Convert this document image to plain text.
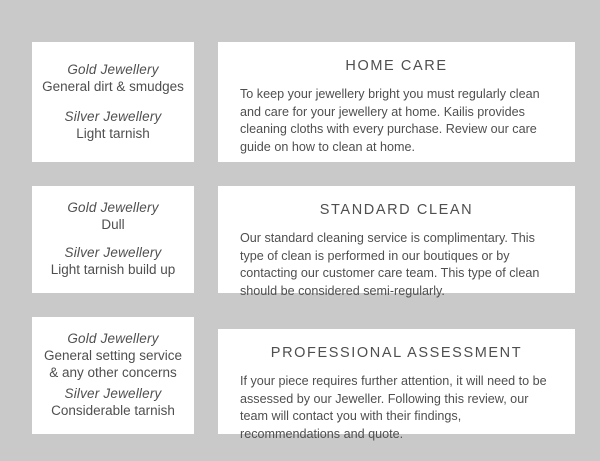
Gold Jewellery
General dirt & smudges
Silver Jewellery
Light tarnish
HOME CARE
To keep your jewellery bright you must regularly clean and care for your jewellery at home. Kailis provides cleaning cloths with every purchase. Review our care guide on how to clean at home.
Gold Jewellery
Dull
Silver Jewellery
Light tarnish build up
STANDARD CLEAN
Our standard cleaning service is complimentary. This type of clean is performed in our boutiques or by contacting our customer care team. This type of clean should be considered semi-regularly.
Gold Jewellery
General setting service & any other concerns
Silver Jewellery
Considerable tarnish
PROFESSIONAL ASSESSMENT
If your piece requires further attention, it will need to be assessed by our Jeweller. Following this review, our team will contact you with their findings, recommendations and quote.
